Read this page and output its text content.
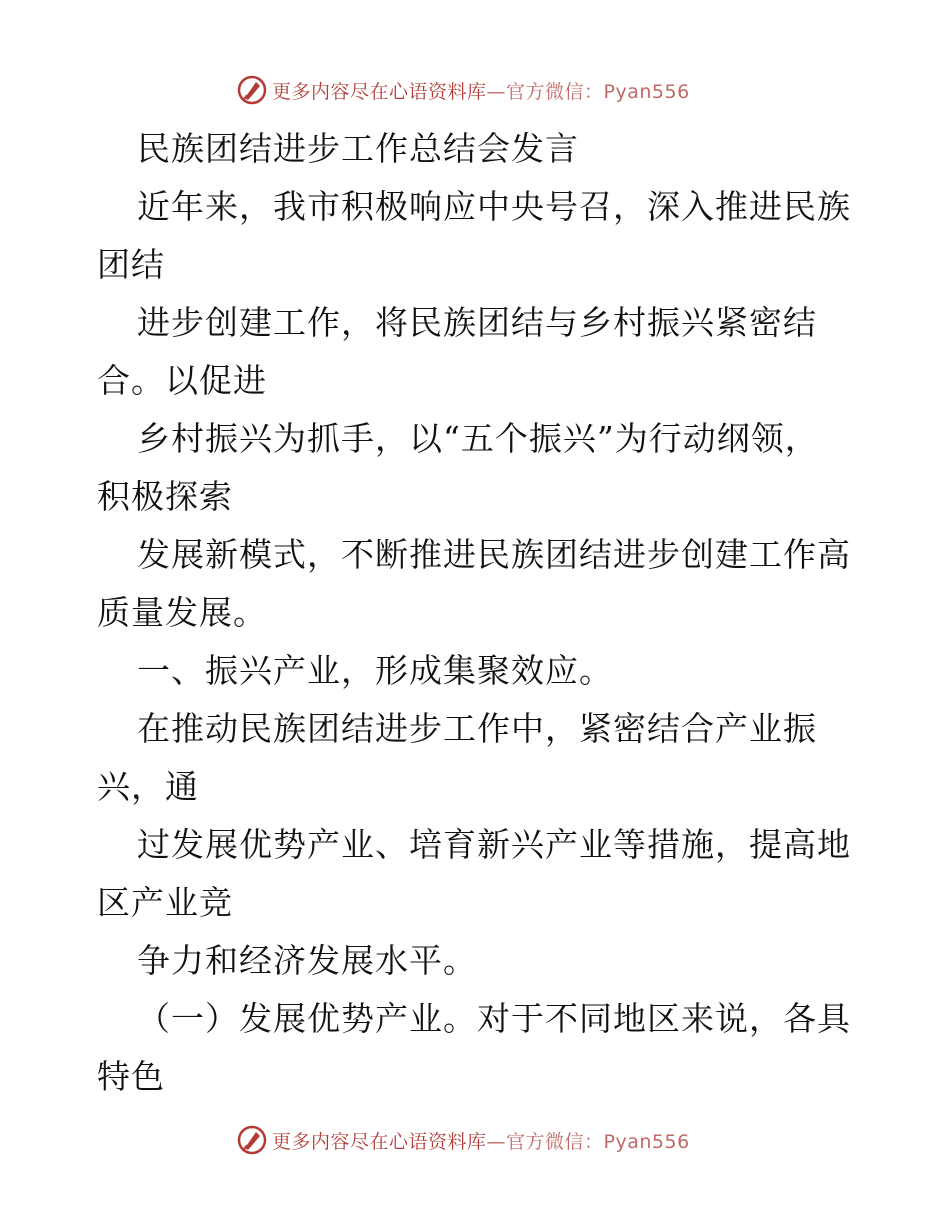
更多内容尽在心语资料库—官方微信：Pyan556
民族团结进步工作总结会发言
近年来，我市积极响应中央号召，深入推进民族
团结
进步创建工作，将民族团结与乡村振兴紧密结
合。以促进
乡村振兴为抓手，以“五个振兴”为行动纲领，
积极探索
发展新模式，不断推进民族团结进步创建工作高
质量发展。
一、振兴产业，形成集聚效应。
在推动民族团结进步工作中，紧密结合产业振
兴，通
过发展优势产业、培育新兴产业等措施，提高地
区产业竞
争力和经济发展水平。
（一）发展优势产业。对于不同地区来说，各具
特色
更多内容尽在心语资料库—官方微信：Pyan556
